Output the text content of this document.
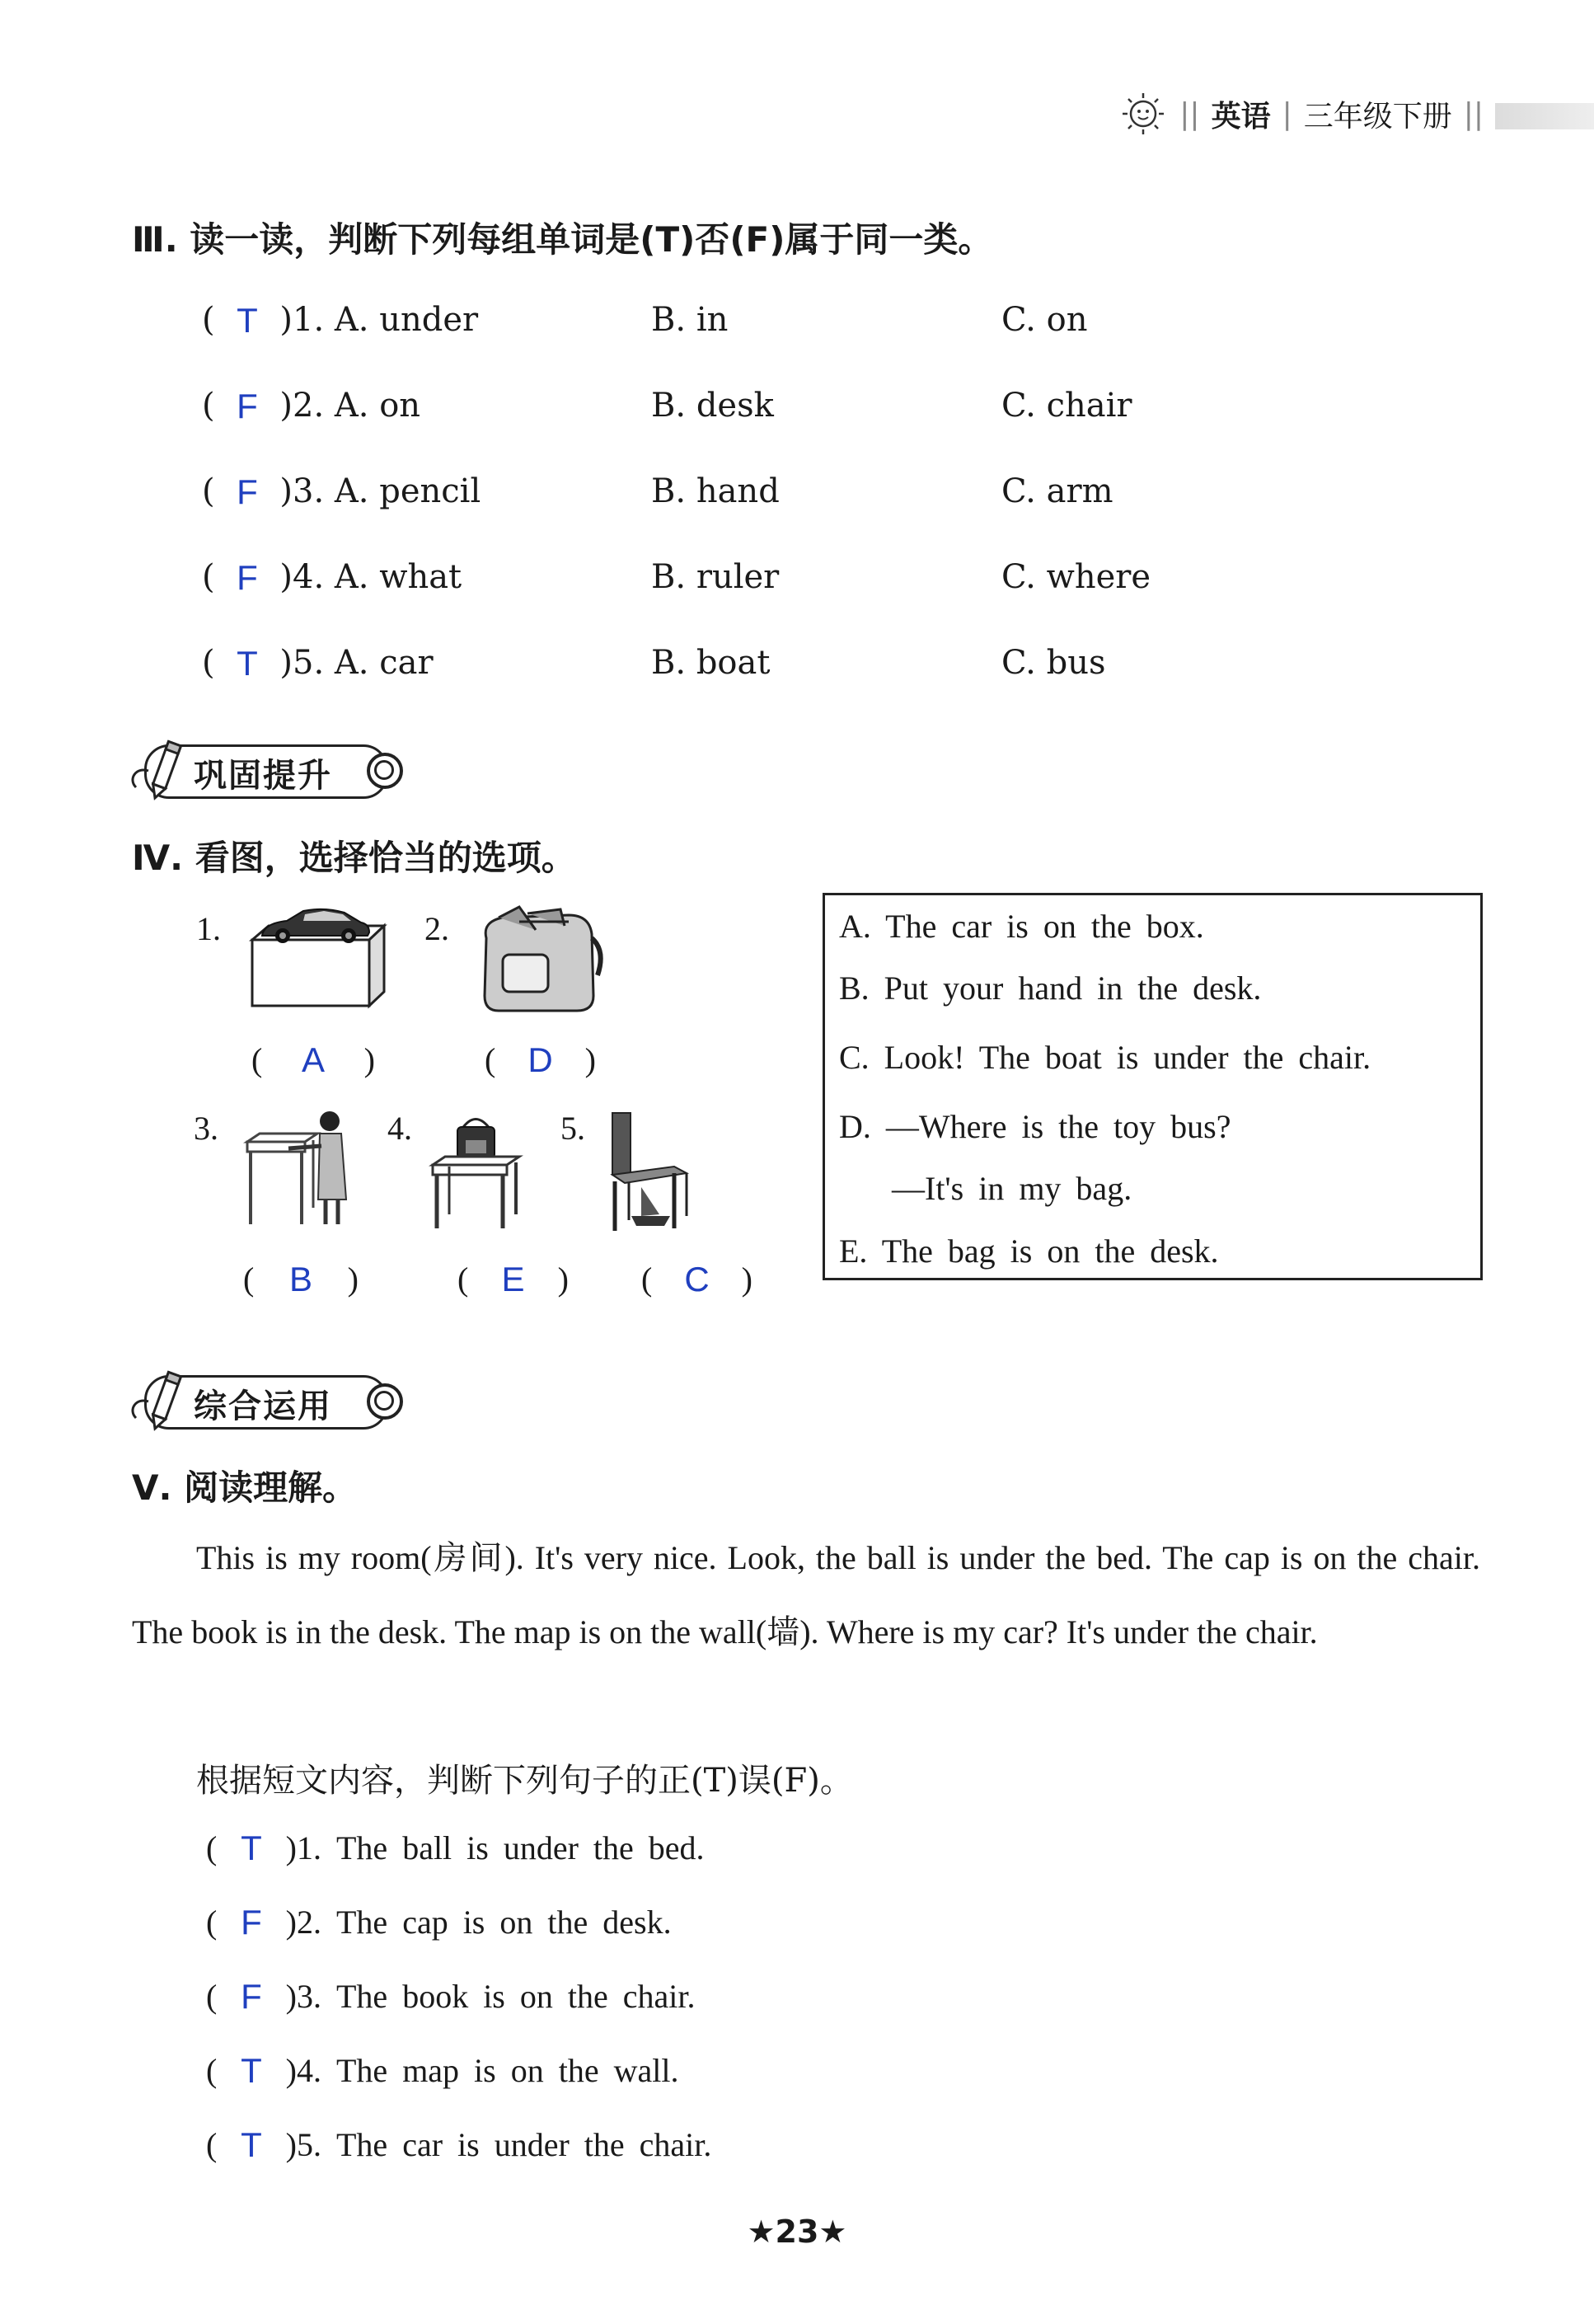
|| 英语 | 三年级下册 ||
Ⅲ. 读一读，判断下列每组单词是(T)否(F)属于同一类。
( T ) 1.
A. under	B. in	C. on
( F ) 2.
A. on	B. desk	C. chair
( F ) 3.
A. pencil	B. hand	C. arm
( F ) 4.
A. what	B. ruler	C. where
( T ) 5.
A. car	B. boat	C. bus
巩固提升
Ⅳ. 看图，选择恰当的选项。
1.
( A )
2.
( D )
3.
( B )
4.
( E )
5.
( C )
A. The car is on the box.
B. Put your hand in the desk.
C. Look! The boat is under the chair.
D. —Where is the toy bus?
—It's in my bag.
E. The bag is on the desk.
综合运用
Ⅴ. 阅读理解。
This is my room(房间). It's very nice. Look, the ball is under the bed. The cap is on the chair. The book is in the desk. The map is on the wall(墙). Where is my car? It's under the chair.
根据短文内容，判断下列句子的正(T)误(F)。
( T ) 1.
The ball is under the bed.
( F ) 2.
The cap is on the desk.
( F ) 3.
The book is on the chair.
( T ) 4.
The map is on the wall.
( T ) 5.
The car is under the chair.
★23★
